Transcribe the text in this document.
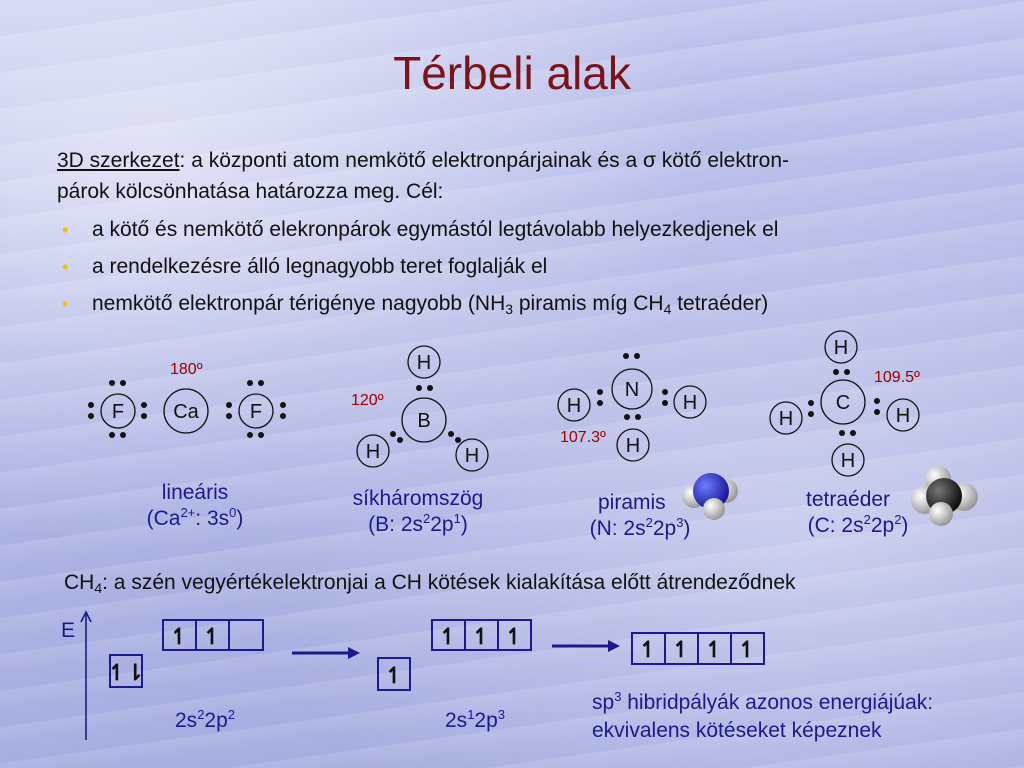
Térbeli alak
3D szerkezet: a központi atom nemkötő elektronpárjainak és a σ kötő elektron-
párok kölcsönhatása határozza meg. Cél:
• a kötő és nemkötő elekronpárok egymástól legtávolabb helyezkedjenek el
• a rendelkezésre álló legnagyobb teret foglalják el
• nemkötő elektronpár térigénye nagyobb ($NH_3$ piramis míg $CH_4$ tetraéder)
F Ca	F
H
B
H	H
N
H	H
H
H
C
H	H
H
180º
120º
107.3º
109.5º
↿⇂
↿ ↿
↿
↿ ↿ ↿
↿ ↿ ↿ ↿
lineáris
($Ca^{2+}$: $3s^0$)
síkháromszög
(B: $2s^22p^1$)
piramis
(N: $2s^22p^3$)
tetraéder
(C: $2s^22p^2$)
$CH_4$: a szén vegyértékelektronjai a CH kötések kialakítása előtt átrendeződnek
E
$2s^22p^2$	$2s^12p^3$
$sp^3$ hibridpályák azonos energiájúak:
ekvivalens kötéseket képeznek
